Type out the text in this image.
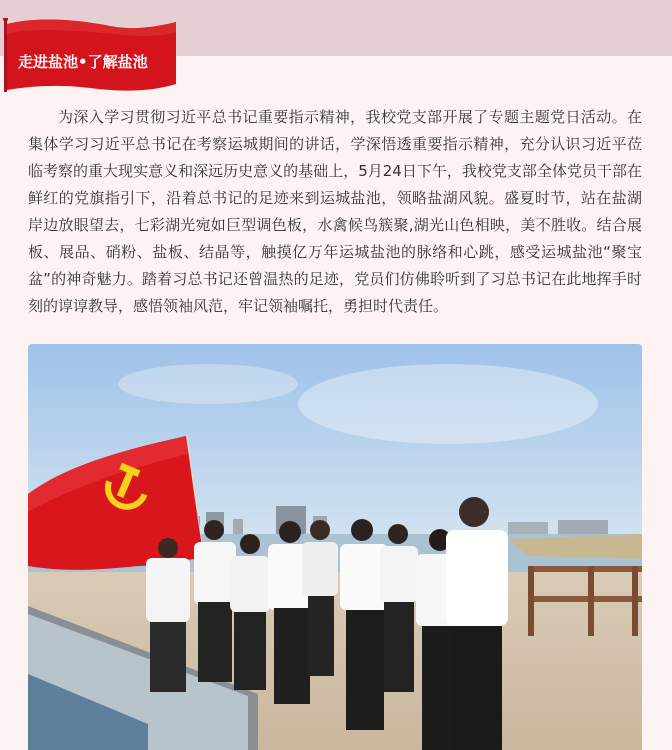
走进盐池•了解盐池

为深入学习贯彻习近平总书记重要指示精神，我校党支部开展了专题主题党日活动。在集体学习习近平总书记在考察运城期间的讲话，学深悟透重要指示精神，充分认识习近平莅临考察的重大现实意义和深远历史意义的基础上，5月24日下午，我校党支部全体党员干部在鲜红的党旗指引下，沿着总书记的足迹来到运城盐池，领略盐湖风貌。盛夏时节，站在盐湖岸边放眼望去，七彩湖光宛如巨型调色板，水禽候鸟簇聚,湖光山色相映，美不胜收。结合展板、展品、硝粉、盐板、结晶等，触摸亿万年运城盐池的脉络和心跳，感受运城盐池“聚宝盆”的神奇魅力。踏着习总书记还曾温热的足迹，党员们仿佛聆听到了习总书记在此地挥手时刻的谆谆教导，感悟领袖风范，牢记领袖嘱托，勇担时代责任。
